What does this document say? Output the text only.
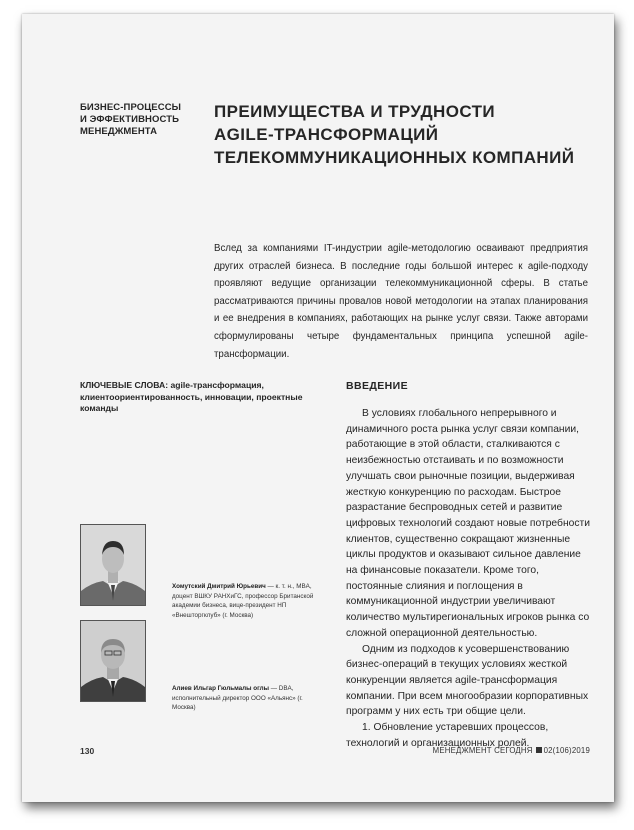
БИЗНЕС-ПРОЦЕССЫ
И ЭФФЕКТИВНОСТЬ
МЕНЕДЖМЕНТА
ПРЕИМУЩЕСТВА И ТРУДНОСТИ
AGILE-ТРАНСФОРМАЦИЙ
ТЕЛЕКОММУНИКАЦИОННЫХ КОМПАНИЙ
Вслед за компаниями IT-индустрии agile-методологию осваивают предприятия других отраслей бизнеса. В последние годы большой интерес к agile-подходу проявляют ведущие организации телекоммуникационной сферы. В статье рассматриваются причины провалов новой методологии на этапах планирования и ее внедрения в компаниях, работающих на рынке услуг связи. Также авторами сформулированы четыре фундаментальных принципа успешной agile-трансформации.
КЛЮЧЕВЫЕ СЛОВА: agile-трансформация, клиентоориентированность, инновации, проектные команды
ВВЕДЕНИЕ

В условиях глобального непрерывного и динамичного роста рынка услуг связи компании, работающие в этой области, сталкиваются с неизбежностью отстаивать и по возможности улучшать свои рыночные позиции, выдерживая жесткую конкуренцию по расходам. Быстрое разрастание беспроводных сетей и развитие цифровых технологий создают новые потребности клиентов, существенно сокращают жизненные циклы продуктов и оказывают сильное давление на финансовые показатели. Кроме того, постоянные слияния и поглощения в коммуникационной индустрии увеличивают количество мультирегиональных игроков рынка со сложной операционной деятельностью.

Одним из подходов к усовершенствованию бизнес-операций в текущих условиях жесткой конкуренции является agile-трансформация компании. При всем многообразии корпоративных программ у них есть три общие цели.

1. Обновление устаревших процессов, технологий и организационных ролей.

Хомутский Дмитрий Юрьевич — к. т. н., MBA, доцент ВШКУ РАНХиГС, профессор Британской академии бизнеса, вице-президент НП «Внешторгклуб» (г. Москва)
Алиев Ильгар Гюльмалы оглы — DBA, исполнительный директор ООО «Альянс» (г. Москва)
130	МЕНЕДЖМЕНТ СЕГОДНЯ 02(106)2019
